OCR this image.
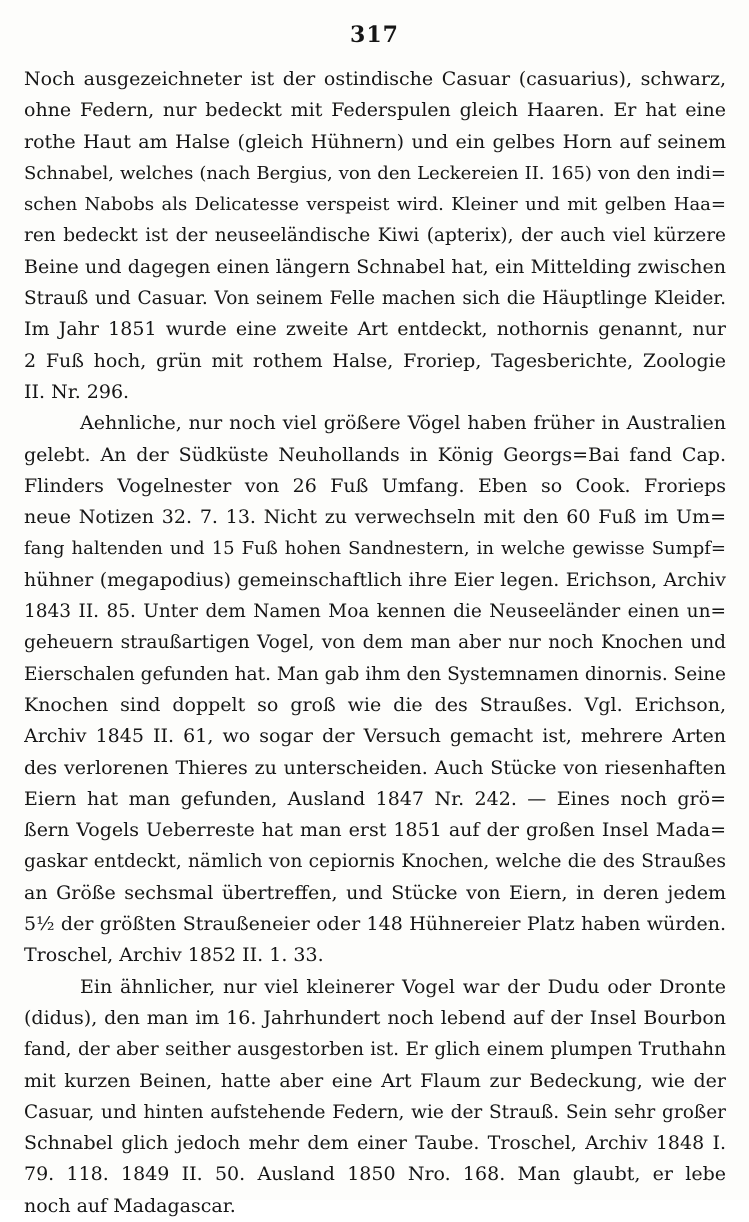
317
Noch ausgezeichneter ist der ostindische Casuar (casuarius), schwarz,
ohne Federn, nur bedeckt mit Federspulen gleich Haaren. Er hat eine
rothe Haut am Halse (gleich Hühnern) und ein gelbes Horn auf seinem
Schnabel, welches (nach Bergius, von den Leckereien II. 165) von den indi=
schen Nabobs als Delicatesse verspeist wird. Kleiner und mit gelben Haa=
ren bedeckt ist der neuseeländische Kiwi (apterix), der auch viel kürzere
Beine und dagegen einen längern Schnabel hat, ein Mittelding zwischen
Strauß und Casuar. Von seinem Felle machen sich die Häuptlinge Kleider.
Im Jahr 1851 wurde eine zweite Art entdeckt, nothornis genannt, nur
2 Fuß hoch, grün mit rothem Halse, Froriep, Tagesberichte, Zoologie
II. Nr. 296.
Aehnliche, nur noch viel größere Vögel haben früher in Australien
gelebt. An der Südküste Neuhollands in König Georgs=Bai fand Cap.
Flinders Vogelnester von 26 Fuß Umfang. Eben so Cook. Frorieps
neue Notizen 32. 7. 13. Nicht zu verwechseln mit den 60 Fuß im Um=
fang haltenden und 15 Fuß hohen Sandnestern, in welche gewisse Sumpf=
hühner (megapodius) gemeinschaftlich ihre Eier legen. Erichson, Archiv
1843 II. 85. Unter dem Namen Moa kennen die Neuseeländer einen un=
geheuern straußartigen Vogel, von dem man aber nur noch Knochen und
Eierschalen gefunden hat. Man gab ihm den Systemnamen dinornis. Seine
Knochen sind doppelt so groß wie die des Straußes. Vgl. Erichson,
Archiv 1845 II. 61, wo sogar der Versuch gemacht ist, mehrere Arten
des verlorenen Thieres zu unterscheiden. Auch Stücke von riesenhaften
Eiern hat man gefunden, Ausland 1847 Nr. 242. — Eines noch grö=
ßern Vogels Ueberreste hat man erst 1851 auf der großen Insel Mada=
gaskar entdeckt, nämlich von cepiornis Knochen, welche die des Straußes
an Größe sechsmal übertreffen, und Stücke von Eiern, in deren jedem
5½ der größten Straußeneier oder 148 Hühnereier Platz haben würden.
Troschel, Archiv 1852 II. 1. 33.
Ein ähnlicher, nur viel kleinerer Vogel war der Dudu oder Dronte
(didus), den man im 16. Jahrhundert noch lebend auf der Insel Bourbon
fand, der aber seither ausgestorben ist. Er glich einem plumpen Truthahn
mit kurzen Beinen, hatte aber eine Art Flaum zur Bedeckung, wie der
Casuar, und hinten aufstehende Federn, wie der Strauß. Sein sehr großer
Schnabel glich jedoch mehr dem einer Taube. Troschel, Archiv 1848 I.
79. 118. 1849 II. 50. Ausland 1850 Nro. 168. Man glaubt, er lebe
noch auf Madagascar.
